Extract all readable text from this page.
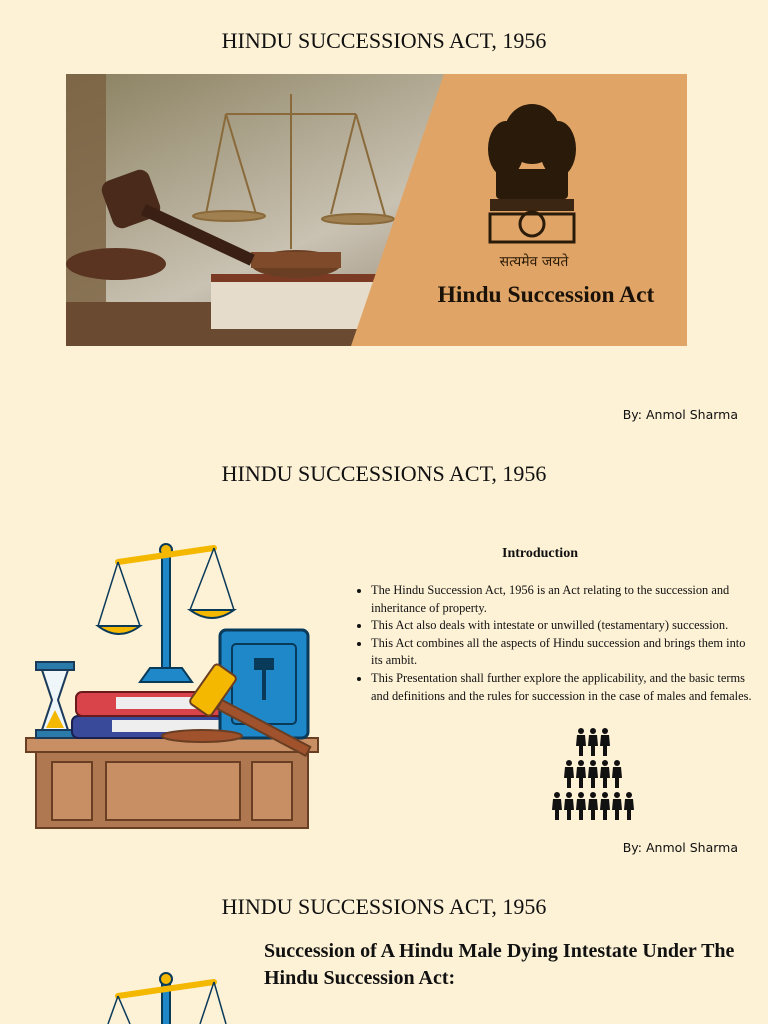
HINDU SUCCESSIONS ACT, 1956
सत्यमेव जयते
Hindu Succession Act
By: Anmol Sharma
HINDU SUCCESSIONS ACT, 1956
Introduction
• The Hindu Succession Act, 1956 is an Act relating to the succession and inheritance of property.
• This Act also deals with intestate or unwilled (testamentary) succession.
• This Act combines all the aspects of Hindu succession and brings them into its ambit.
• This Presentation shall further explore the applicability, and the basic terms and definitions and the rules for succession in the case of males and females.
By: Anmol Sharma
HINDU SUCCESSIONS ACT, 1956
Succession of A Hindu Male Dying Intestate Under The Hindu Succession Act:
